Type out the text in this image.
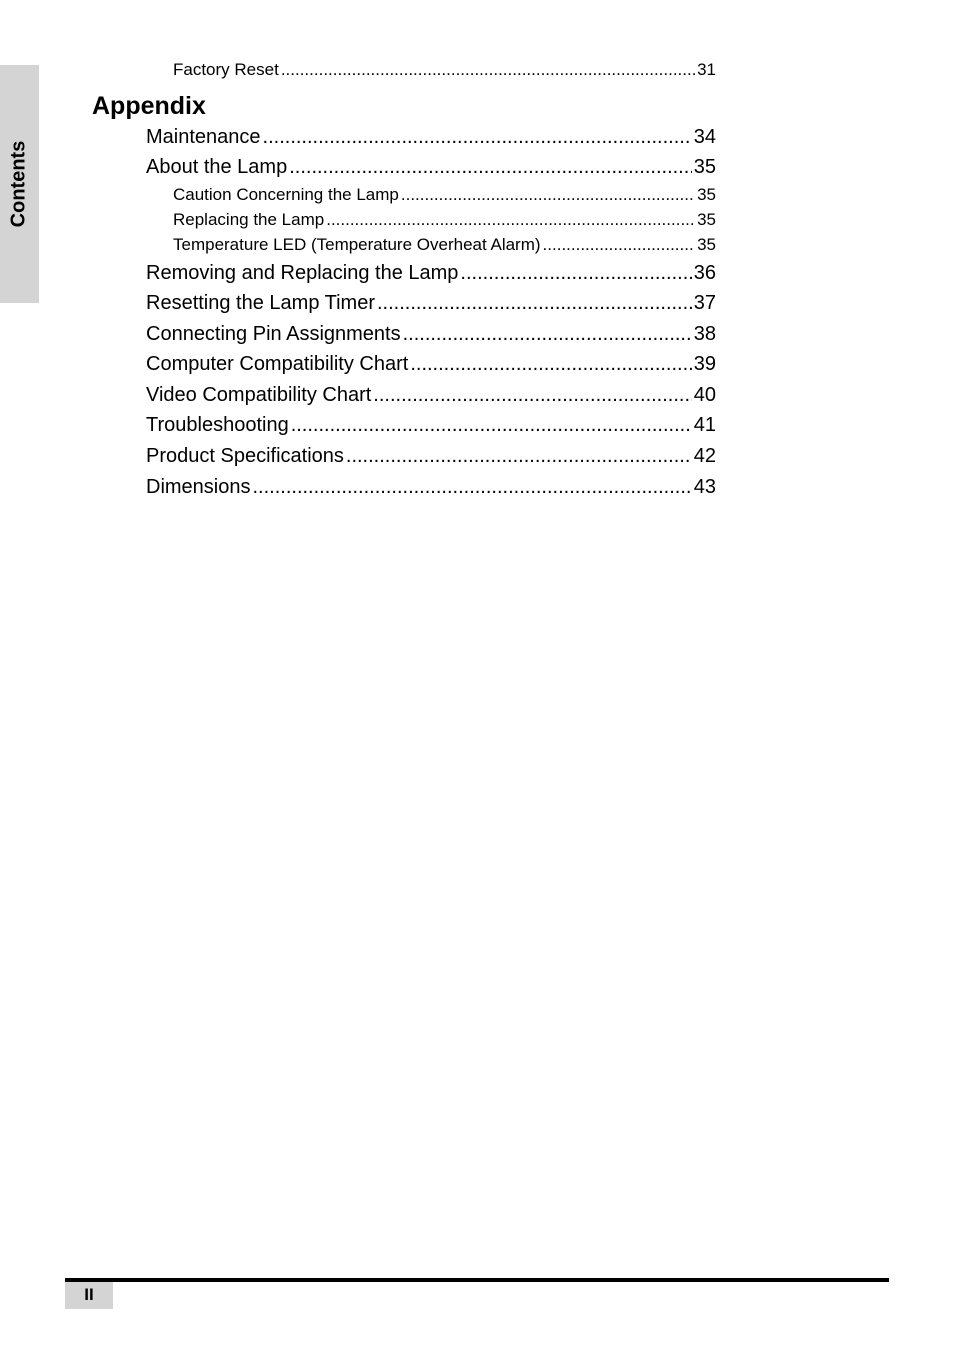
Contents
Factory Reset .....	31
Appendix
Maintenance .....	34
About the Lamp .....	35
Caution Concerning the Lamp .....	35
Replacing the Lamp .....	35
Temperature LED (Temperature Overheat Alarm) .....	35
Removing and Replacing the Lamp .....	36
Resetting the Lamp Timer .....	37
Connecting Pin Assignments .....	38
Computer Compatibility Chart .....	39
Video Compatibility Chart .....	40
Troubleshooting .....	41
Product Specifications .....	42
Dimensions .....	43
II
